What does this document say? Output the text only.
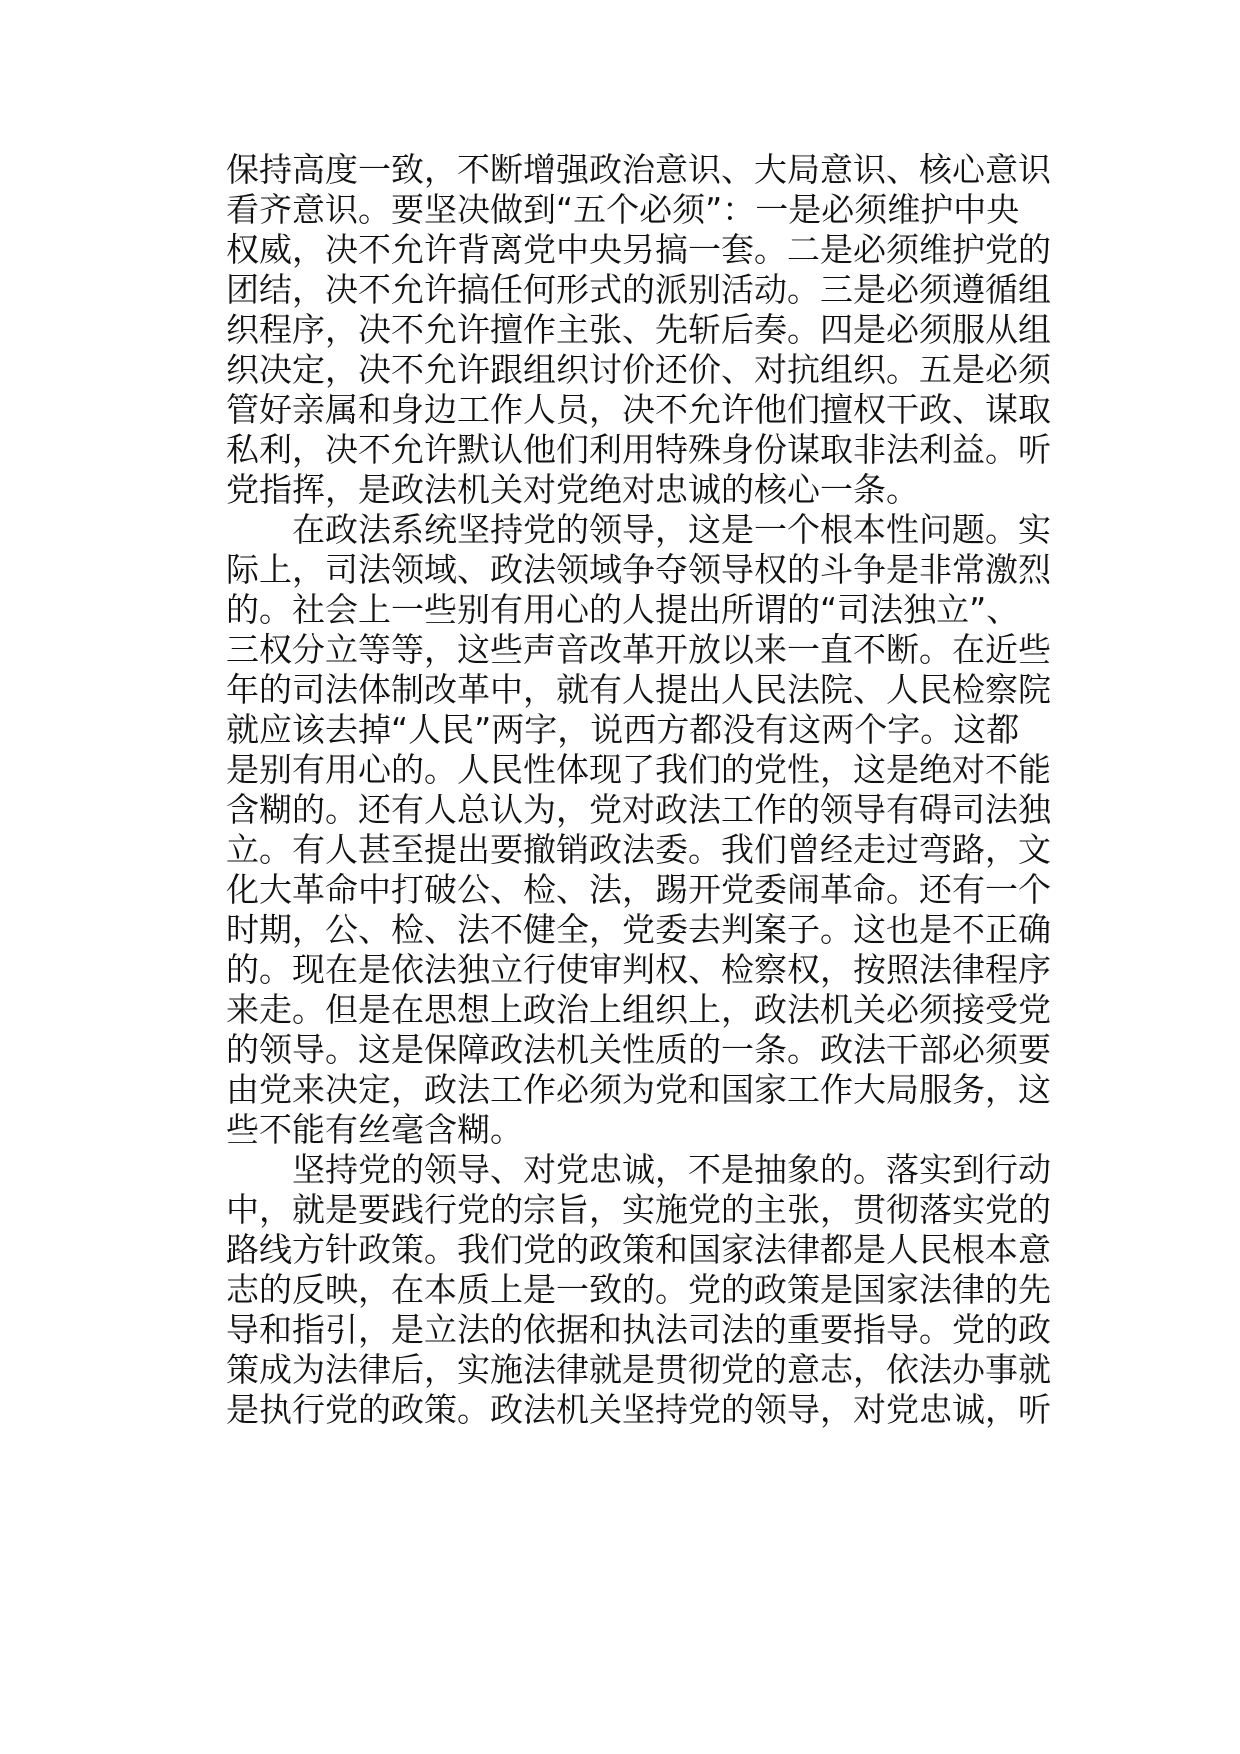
保持高度一致，不断增强政治意识、大局意识、核心意识
看齐意识。要坚决做到“五个必须”：一是必须维护中央
权威，决不允许背离党中央另搞一套。二是必须维护党的
团结，决不允许搞任何形式的派别活动。三是必须遵循组
织程序，决不允许擅作主张、先斩后奏。四是必须服从组
织决定，决不允许跟组织讨价还价、对抗组织。五是必须
管好亲属和身边工作人员，决不允许他们擅权干政、谋取
私利，决不允许默认他们利用特殊身份谋取非法利益。听
党指挥，是政法机关对党绝对忠诚的核心一条。
　　在政法系统坚持党的领导，这是一个根本性问题。实
际上，司法领域、政法领域争夺领导权的斗争是非常激烈
的。社会上一些别有用心的人提出所谓的“司法独立”、
三权分立等等，这些声音改革开放以来一直不断。在近些
年的司法体制改革中，就有人提出人民法院、人民检察院
就应该去掉“人民”两字，说西方都没有这两个字。这都
是别有用心的。人民性体现了我们的党性，这是绝对不能
含糊的。还有人总认为，党对政法工作的领导有碍司法独
立。有人甚至提出要撤销政法委。我们曾经走过弯路，文
化大革命中打破公、检、法，踢开党委闹革命。还有一个
时期，公、检、法不健全，党委去判案子。这也是不正确
的。现在是依法独立行使审判权、检察权，按照法律程序
来走。但是在思想上政治上组织上，政法机关必须接受党
的领导。这是保障政法机关性质的一条。政法干部必须要
由党来决定，政法工作必须为党和国家工作大局服务，这
些不能有丝毫含糊。
　　坚持党的领导、对党忠诚，不是抽象的。落实到行动
中，就是要践行党的宗旨，实施党的主张，贯彻落实党的
路线方针政策。我们党的政策和国家法律都是人民根本意
志的反映，在本质上是一致的。党的政策是国家法律的先
导和指引，是立法的依据和执法司法的重要指导。党的政
策成为法律后，实施法律就是贯彻党的意志，依法办事就
是执行党的政策。政法机关坚持党的领导，对党忠诚，听
